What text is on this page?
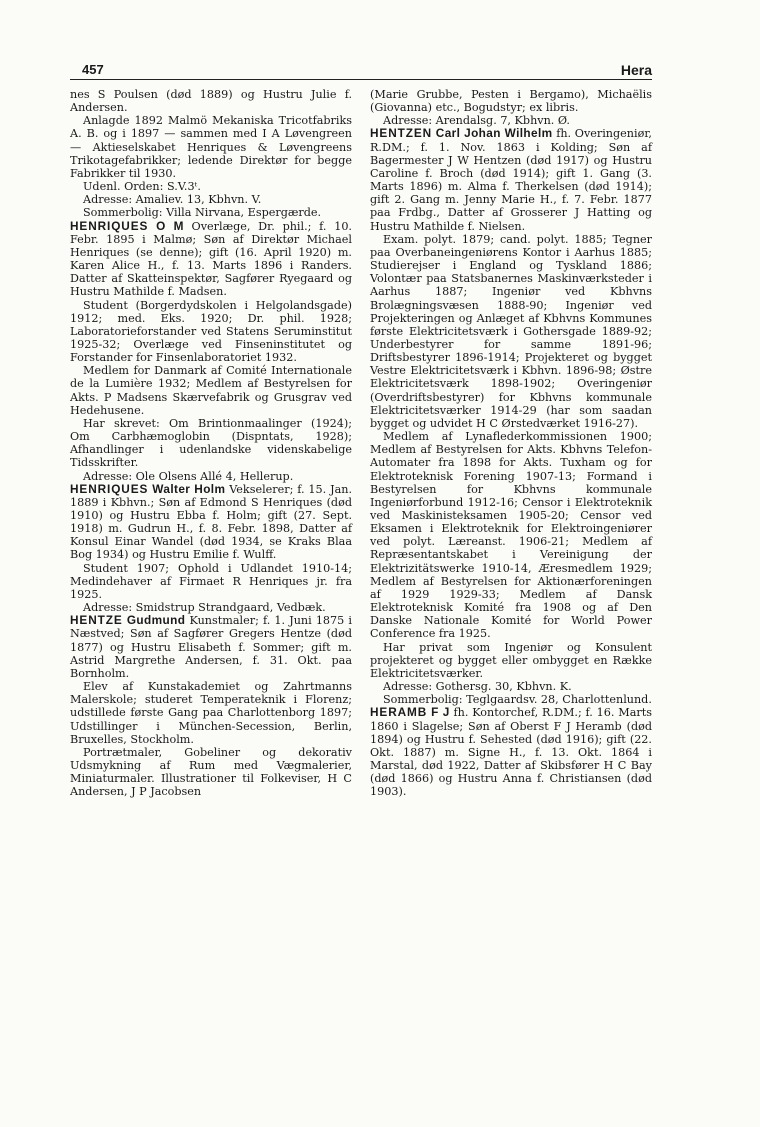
457	Hera

nes S Poulsen (død 1889) og Hustru Julie f. Andersen.

Anlagde 1892 Malmö Mekaniska Tricotfabriks A. B. og i 1897 — sammen med I A Løvengreen — Aktieselskabet Henriques & Løvengreens Trikotagefabrikker; ledende Direktør for begge Fabrikker til 1930.

Udenl. Orden: S.V.3ᵗ.

Adresse: Amaliev. 13, Kbhvn. V.

Sommerbolig: Villa Nirvana, Espergærde.

HENRIQUES O M Overlæge, Dr. phil.; f. 10. Febr. 1895 i Malmø; Søn af Direktør Michael Henriques (se denne); gift (16. April 1920) m. Karen Alice H., f. 13. Marts 1896 i Randers. Datter af Skatteinspektør, Sagfører Ryegaard og Hustru Mathilde f. Madsen.

Student (Borgerdydskolen i Helgolandsgade) 1912; med. Eks. 1920; Dr. phil. 1928; Laboratorieforstander ved Statens Seruminstitut 1925-32; Overlæge ved Finseninstitutet og Forstander for Finsenlaboratoriet 1932.

Medlem for Danmark af Comité Internationale de la Lumière 1932; Medlem af Bestyrelsen for Akts. P Madsens Skærvefabrik og Grusgrav ved Hedehusene.

Har skrevet: Om Brintionmaalinger (1924); Om Carbhæmoglobin (Dispntats, 1928); Afhandlinger i udenlandske videnskabelige Tidsskrifter.

Adresse: Ole Olsens Allé 4, Hellerup.

HENRIQUES Walter Holm Vekselerer; f. 15. Jan. 1889 i Kbhvn.; Søn af Edmond S Henriques (død 1910) og Hustru Ebba f. Holm; gift (27. Sept. 1918) m. Gudrun H., f. 8. Febr. 1898, Datter af Konsul Einar Wandel (død 1934, se Kraks Blaa Bog 1934) og Hustru Emilie f. Wulff.

Student 1907; Ophold i Udlandet 1910-14; Medindehaver af Firmaet R Henriques jr. fra 1925.

Adresse: Smidstrup Strandgaard, Vedbæk.

HENTZE Gudmund Kunstmaler; f. 1. Juni 1875 i Næstved; Søn af Sagfører Gregers Hentze (død 1877) og Hustru Elisabeth f. Sommer; gift m. Astrid Margrethe Andersen, f. 31. Okt. paa Bornholm.

Elev af Kunstakademiet og Zahrtmanns Malerskole; studeret Temperateknik i Florenz; udstillede første Gang paa Charlottenborg 1897; Udstillinger i München-Secession, Berlin, Bruxelles, Stockholm.

Portrætmaler, Gobeliner og dekorativ Udsmykning af Rum med Vægmalerier, Miniaturmaler. Illustrationer til Folkeviser, H C Andersen, J P Jacobsen

(Marie Grubbe, Pesten i Bergamo), Michaëlis (Giovanna) etc., Bogudstyr; ex libris.

Adresse: Arendalsg. 7, Kbhvn. Ø.

HENTZEN Carl Johan Wilhelm fh. Overingeniør, R.DM.; f. 1. Nov. 1863 i Kolding; Søn af Bagermester J W Hentzen (død 1917) og Hustru Caroline f. Broch (død 1914); gift 1. Gang (3. Marts 1896) m. Alma f. Therkelsen (død 1914); gift 2. Gang m. Jenny Marie H., f. 7. Febr. 1877 paa Frdbg., Datter af Grosserer J Hatting og Hustru Mathilde f. Nielsen.

Exam. polyt. 1879; cand. polyt. 1885; Tegner paa Overbaneingeniørens Kontor i Aarhus 1885; Studierejser i England og Tyskland 1886; Volontær paa Statsbanernes Maskinværksteder i Aarhus 1887; Ingeniør ved Kbhvns Brolægningsvæsen 1888-90; Ingeniør ved Projekteringen og Anlæget af Kbhvns Kommunes første Elektricitetsværk i Gothersgade 1889-92; Underbestyrer for samme 1891-96; Driftsbestyrer 1896-1914; Projekteret og bygget Vestre Elektricitetsværk i Kbhvn. 1896-98; Østre Elektricitetsværk 1898-1902; Overingeniør (Overdriftsbestyrer) for Kbhvns kommunale Elektricitetsværker 1914-29 (har som saadan bygget og udvidet H C Ørstedværket 1916-27).

Medlem af Lynaflederkommissionen 1900; Medlem af Bestyrelsen for Akts. Kbhvns Telefon-Automater fra 1898 for Akts. Tuxham og for Elektroteknisk Forening 1907-13; Formand i Bestyrelsen for Kbhvns kommunale Ingeniørforbund 1912-16; Censor i Elektroteknik ved Maskinisteksamen 1905-20; Censor ved Eksamen i Elektroteknik for Elektroingeniører ved polyt. Læreanst. 1906-21; Medlem af Repræsentantskabet i Vereinigung der Elektrizitätswerke 1910-14, Æresmedlem 1929; Medlem af Bestyrelsen for Aktionærforeningen af 1929 1929-33; Medlem af Dansk Elektroteknisk Komité fra 1908 og af Den Danske Nationale Komité for World Power Conference fra 1925.

Har privat som Ingeniør og Konsulent projekteret og bygget eller ombygget en Række Elektricitetsværker.

Adresse: Gothersg. 30, Kbhvn. K.

Sommerbolig: Teglgaardsv. 28, Charlottenlund.

HERAMB F J fh. Kontorchef, R.DM.; f. 16. Marts 1860 i Slagelse; Søn af Oberst F J Heramb (død 1894) og Hustru f. Sehested (død 1916); gift (22. Okt. 1887) m. Signe H., f. 13. Okt. 1864 i Marstal, død 1922, Datter af Skibsfører H C Bay (død 1866) og Hustru Anna f. Christiansen (død 1903).
